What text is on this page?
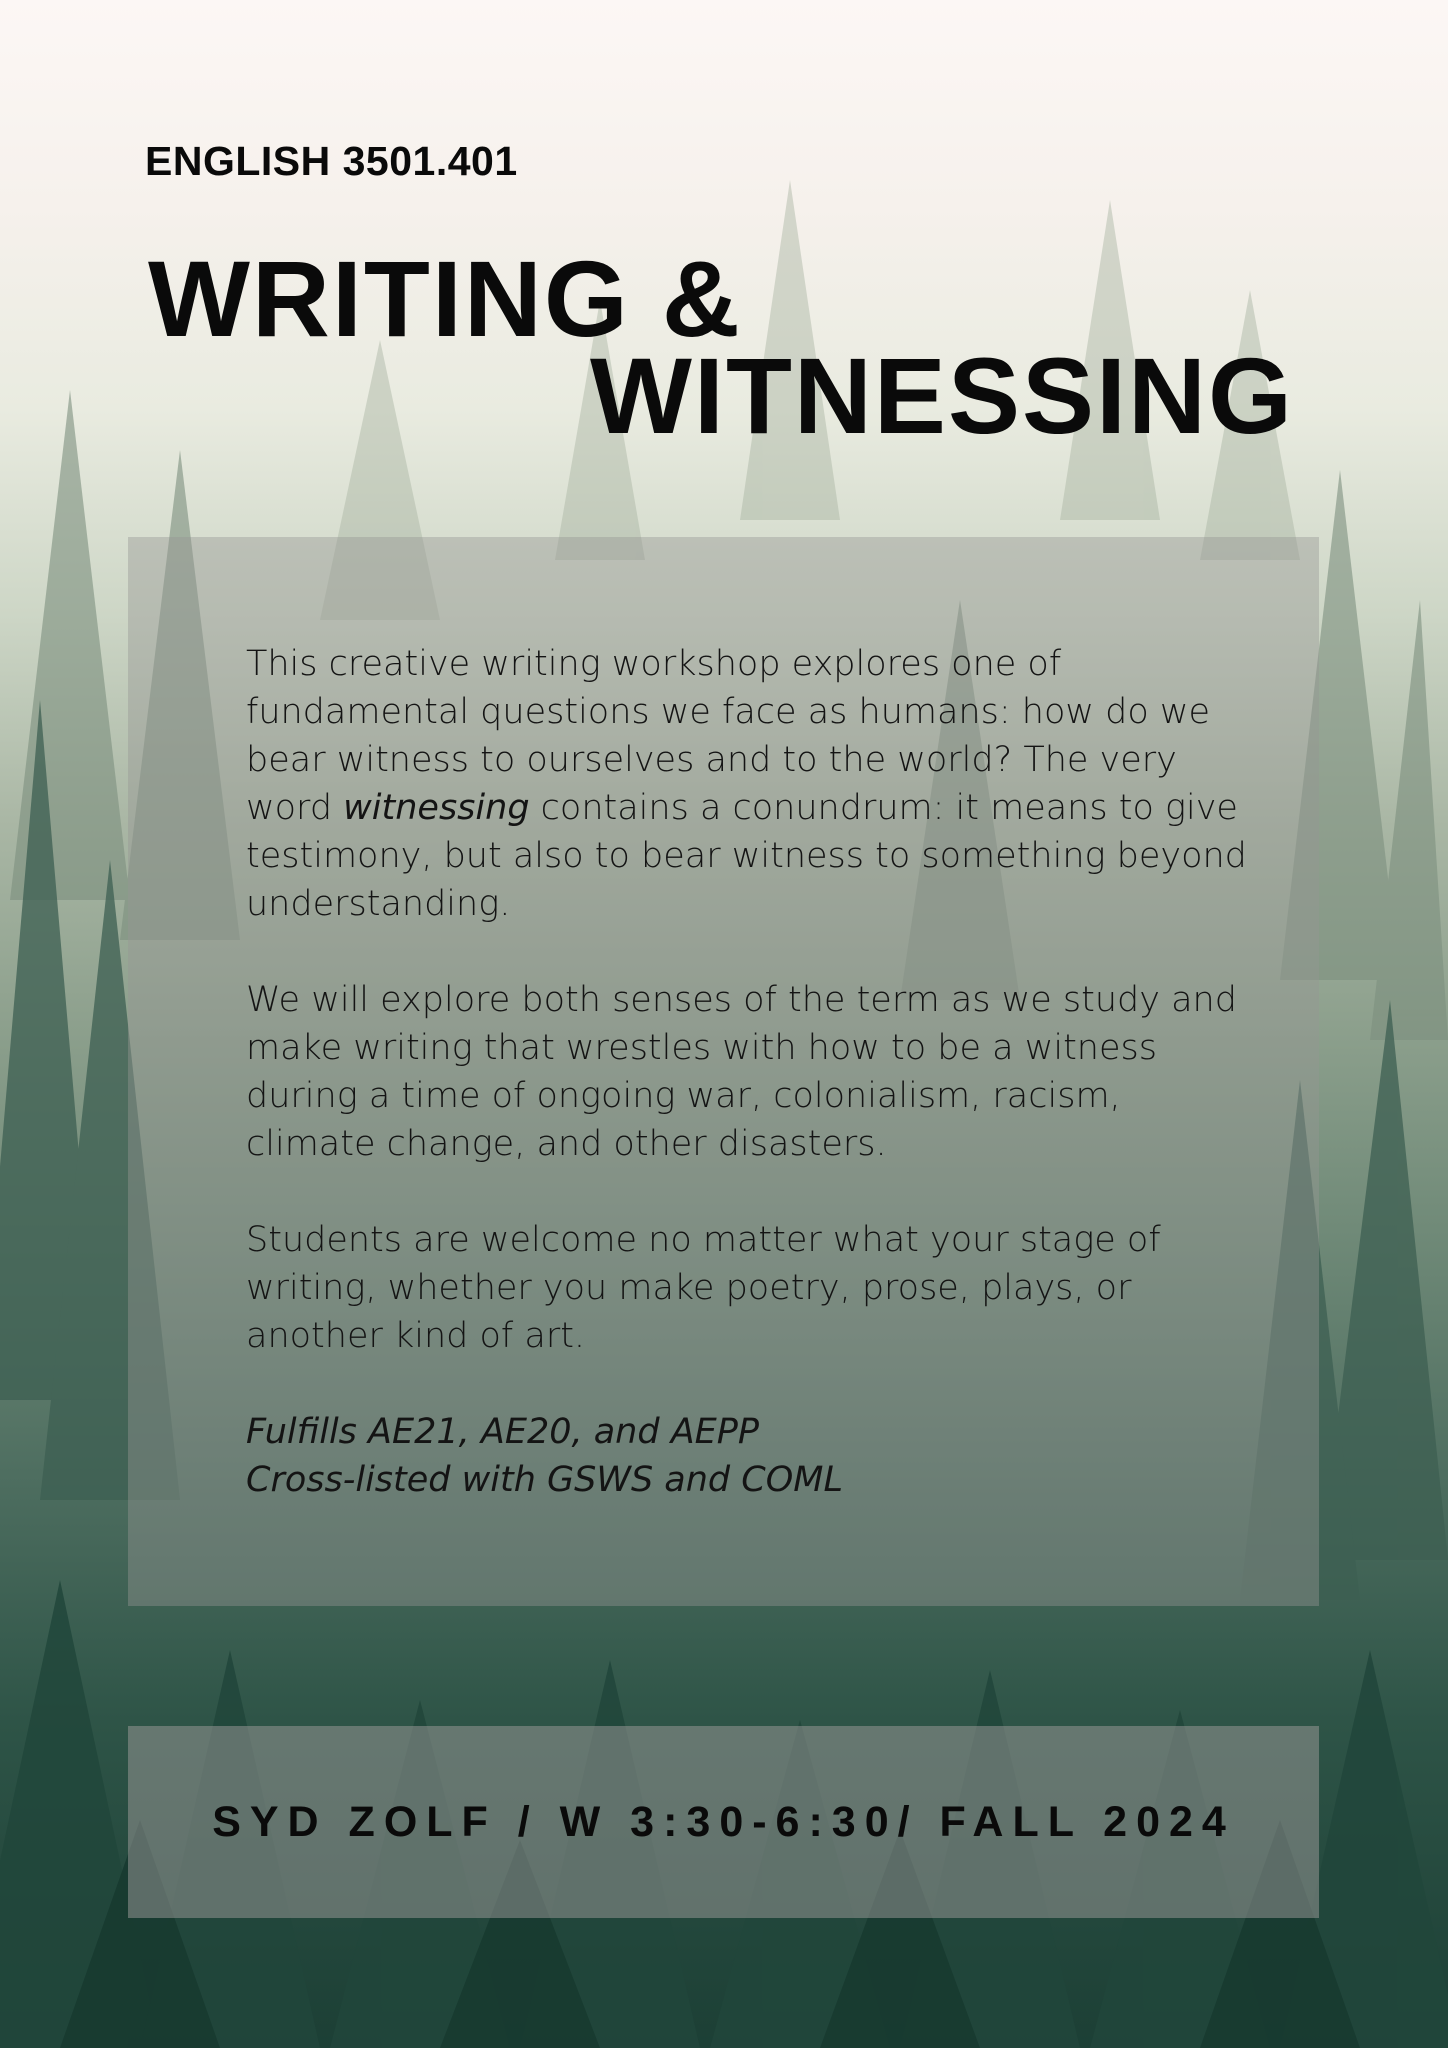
ENGLISH 3501.401
WRITING &
WITNESSING

This creative writing workshop explores one of fundamental questions we face as humans: how do we bear witness to ourselves and to the world? The very word witnessing contains a conundrum: it means to give testimony, but also to bear witness to something beyond understanding.

We will explore both senses of the term as we study and make writing that wrestles with how to be a witness during a time of ongoing war, colonialism, racism, climate change, and other disasters.

Students are welcome no matter what your stage of writing, whether you make poetry, prose, plays, or another kind of art.

Fulfills AE21, AE20, and AEPP

Cross-listed with GSWS and COML

SYD ZOLF / W 3:30-6:30/ FALL 2024
